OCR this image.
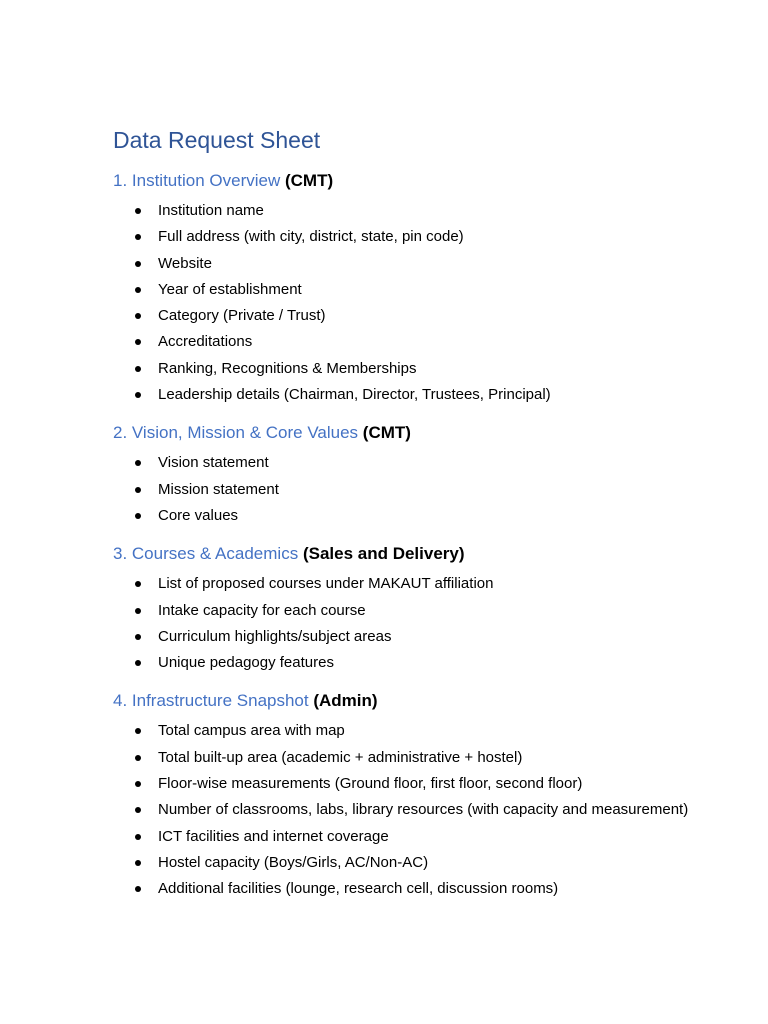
Data Request Sheet
1. Institution Overview (CMT)
Institution name
Full address (with city, district, state, pin code)
Website
Year of establishment
Category (Private / Trust)
Accreditations
Ranking, Recognitions & Memberships
Leadership details (Chairman, Director, Trustees, Principal)
2. Vision, Mission & Core Values (CMT)
Vision statement
Mission statement
Core values
3. Courses & Academics (Sales and Delivery)
List of proposed courses under MAKAUT affiliation
Intake capacity for each course
Curriculum highlights/subject areas
Unique pedagogy features
4. Infrastructure Snapshot (Admin)
Total campus area with map
Total built-up area (academic + administrative + hostel)
Floor-wise measurements (Ground floor, first floor, second floor)
Number of classrooms, labs, library resources (with capacity and measurement)
ICT facilities and internet coverage
Hostel capacity (Boys/Girls, AC/Non-AC)
Additional facilities (lounge, research cell, discussion rooms)
